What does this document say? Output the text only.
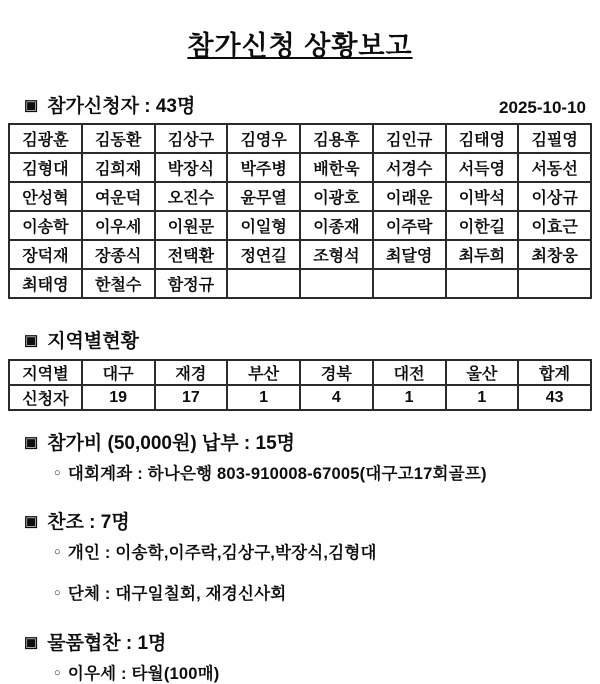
참가신청 상황보고
▣ 참가신청자 : 43명	2025-10-10
김광훈	김동환	김상구	김영우	김용후	김인규	김태영	김필영
김형대	김희재	박장식	박주병	배한욱	서경수	서득영	서동선
안성혁	여운덕	오진수	윤무열	이광호	이래운	이박석	이상규
이송학	이우세	이원문	이일형	이종재	이주락	이한길	이효근
장덕재	장종식	전택환	정연길	조형석	최달영	최두희	최창웅
최태영	한철수	함정규					
▣ 지역별현황
지역별	대구	재경	부산	경북	대전	울산	합계
신청자	19	17	1	4	1	1	43
▣ 참가비 (50,000원) 납부 : 15명
○ 대회계좌 : 하나은행 803-910008-67005(대구고17회골프)
▣ 찬조 : 7명
○ 개인 : 이송학,이주락,김상구,박장식,김형대
○ 단체 : 대구일칠회, 재경신사회
▣ 물품협찬 : 1명
○ 이우세 : 타월(100매)
